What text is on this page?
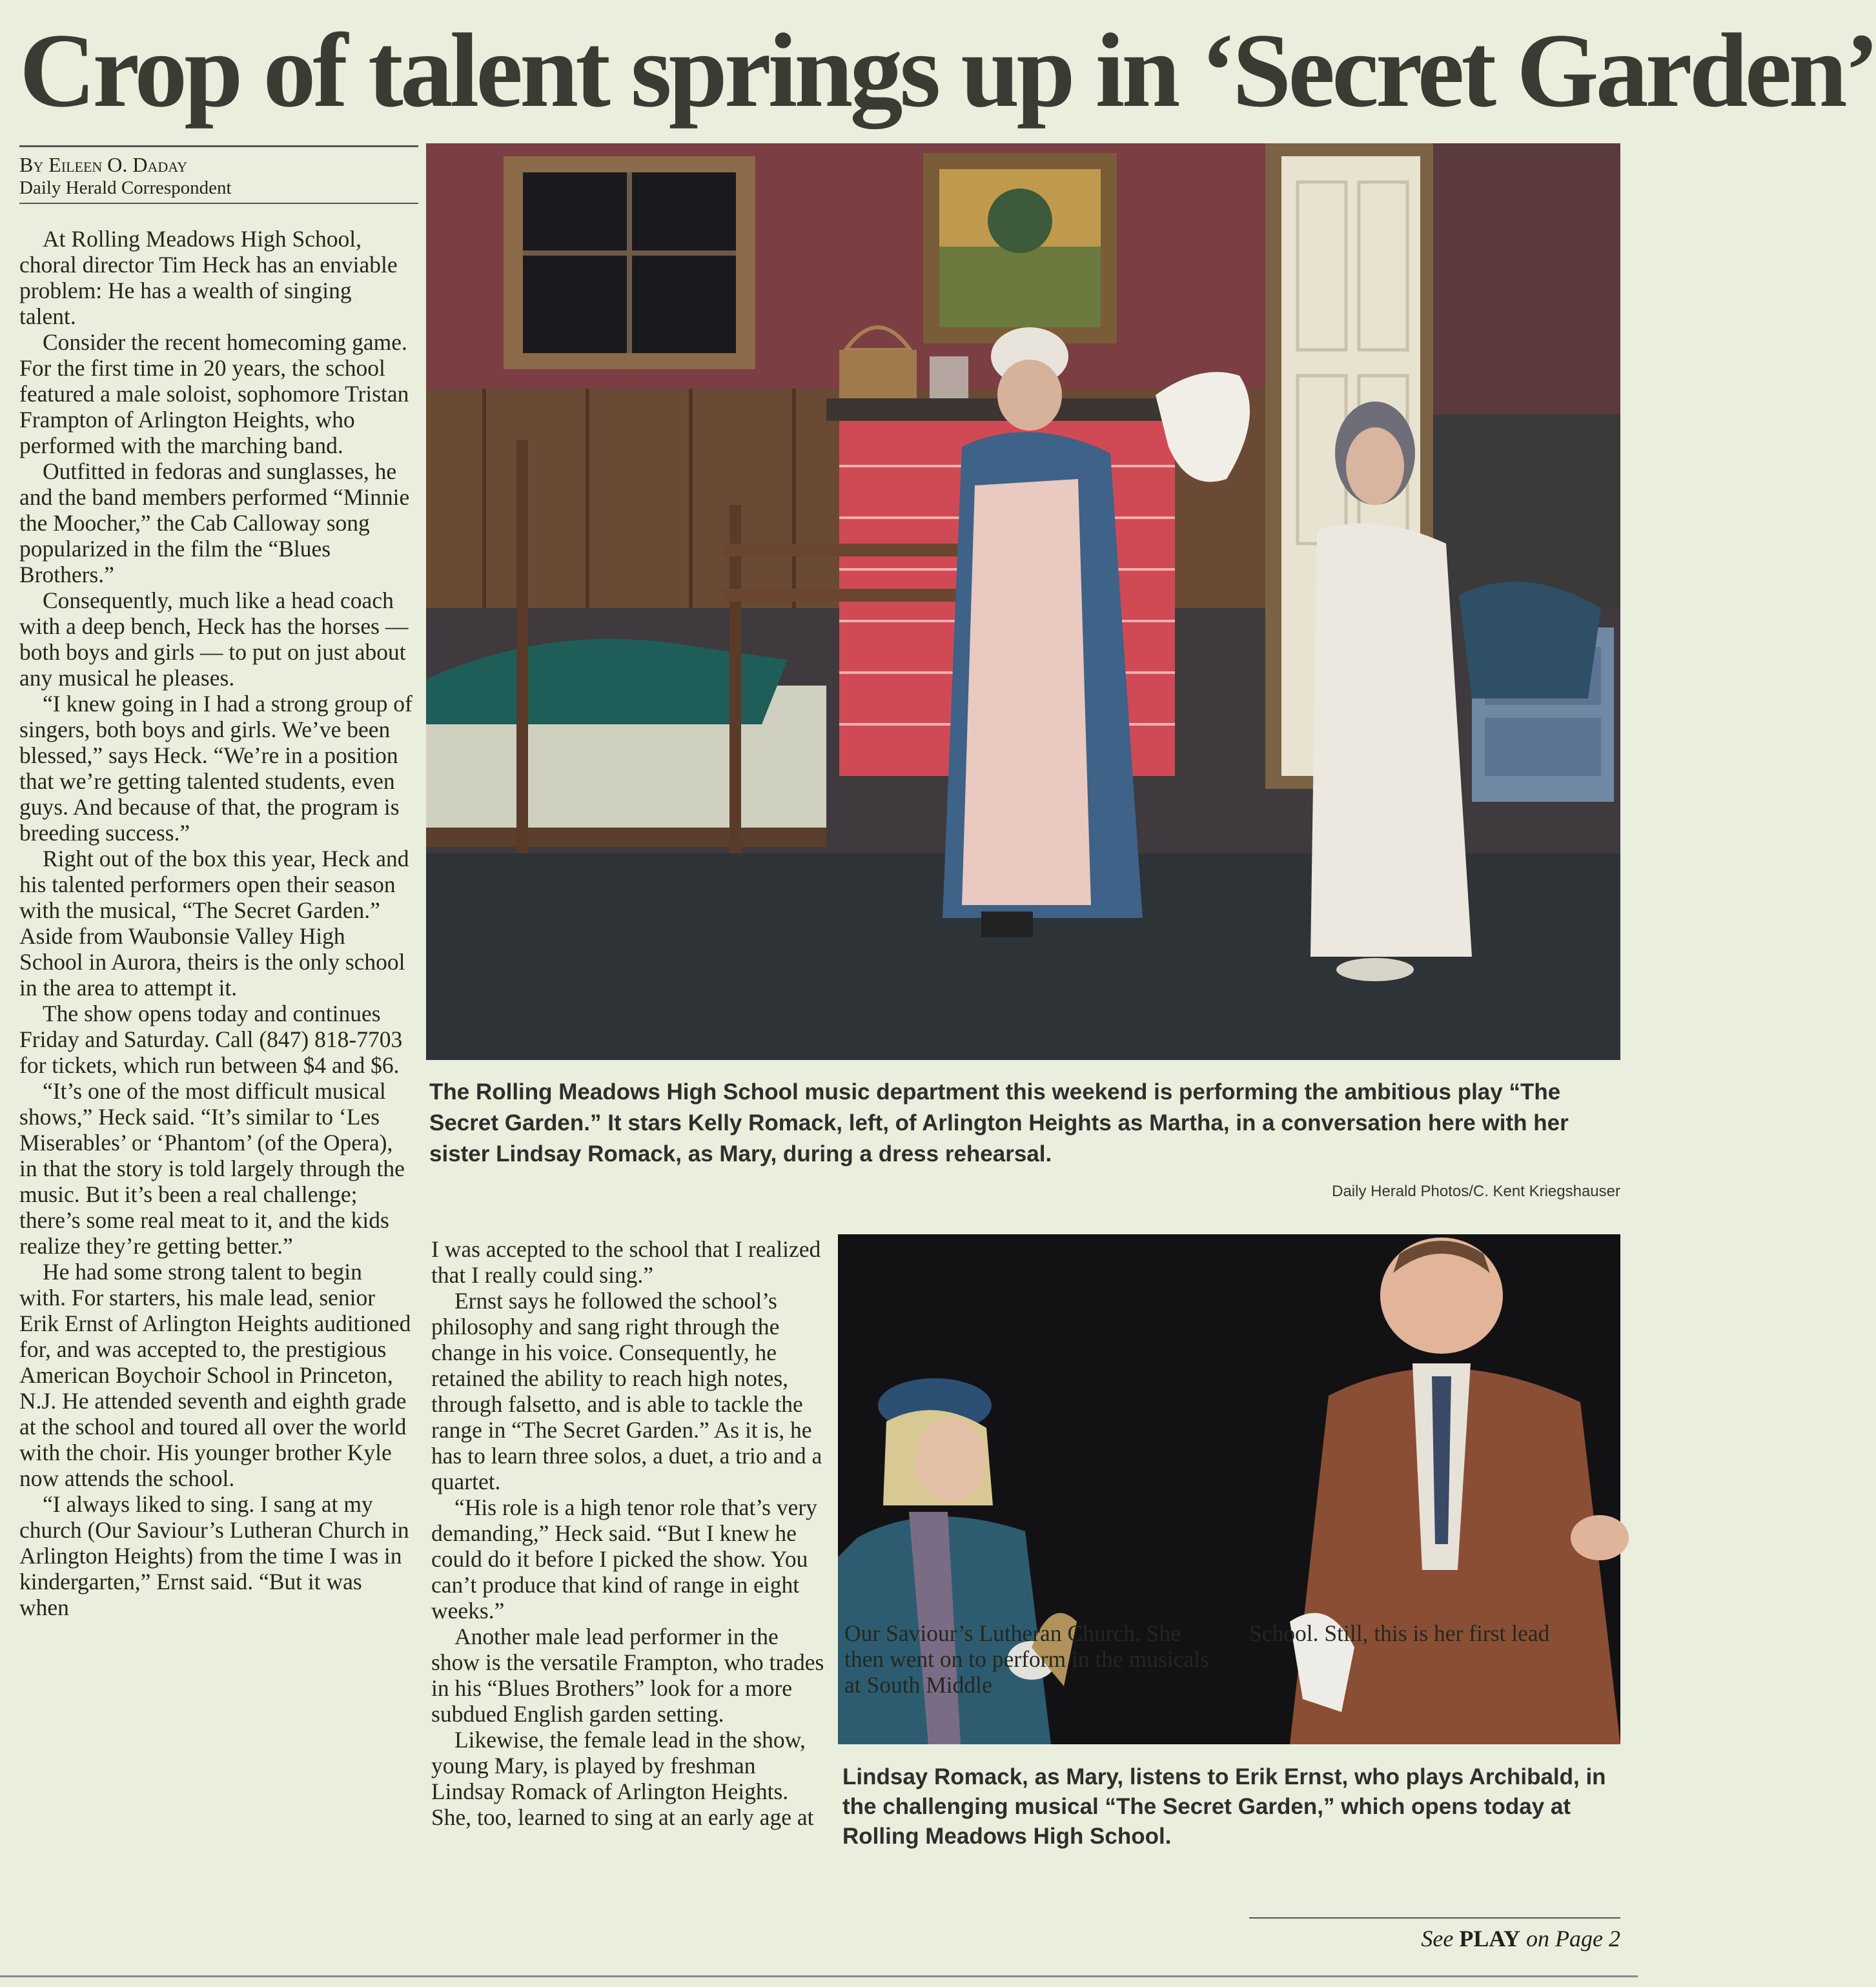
Crop of talent springs up in ‘Secret Garden’
By Eileen O. Daday
Daily Herald Correspondent

At Rolling Meadows High School, choral director Tim Heck has an enviable problem: He has a wealth of singing talent.

Consider the recent homecoming game. For the first time in 20 years, the school featured a male soloist, sophomore Tristan Frampton of Arlington Heights, who performed with the marching band.

Outfitted in fedoras and sunglasses, he and the band members performed “Minnie the Moocher,” the Cab Calloway song popularized in the film the “Blues Brothers.”

Consequently, much like a head coach with a deep bench, Heck has the horses — both boys and girls — to put on just about any musical he pleases.

“I knew going in I had a strong group of singers, both boys and girls. We’ve been blessed,” says Heck. “We’re in a position that we’re getting talented students, even guys. And because of that, the program is breeding success.”

Right out of the box this year, Heck and his talented performers open their season with the musical, “The Secret Garden.” Aside from Waubonsie Valley High School in Aurora, theirs is the only school in the area to attempt it.

The show opens today and continues Friday and Saturday. Call (847) 818-7703 for tickets, which run between $4 and $6.

“It’s one of the most difficult musical shows,” Heck said. “It’s similar to ‘Les Miserables’ or ‘Phantom’ (of the Opera), in that the story is told largely through the music. But it’s been a real challenge; there’s some real meat to it, and the kids realize they’re getting better.”

He had some strong talent to begin with. For starters, his male lead, senior Erik Ernst of Arlington Heights auditioned for, and was accepted to, the prestigious American Boychoir School in Princeton, N.J. He attended seventh and eighth grade at the school and toured all over the world with the choir. His younger brother Kyle now attends the school.

“I always liked to sing. I sang at my church (Our Saviour’s Lutheran Church in Arlington Heights) from the time I was in kindergarten,” Ernst said. “But it was when

The Rolling Meadows High School music department this weekend is performing the ambitious play “The Secret Garden.” It stars Kelly Romack, left, of Arlington Heights as Martha, in a conversation here with her sister Lindsay Romack, as Mary, during a dress rehearsal.
Daily Herald Photos/C. Kent Kriegshauser

I was accepted to the school that I realized that I really could sing.”

Ernst says he followed the school’s philosophy and sang right through the change in his voice. Consequently, he retained the ability to reach high notes, through falsetto, and is able to tackle the range in “The Secret Garden.” As it is, he has to learn three solos, a duet, a trio and a quartet.

“His role is a high tenor role that’s very demanding,” Heck said. “But I knew he could do it before I picked the show. You can’t produce that kind of range in eight weeks.”

Another male lead performer in the show is the versatile Frampton, who trades in his “Blues Brothers” look for a more subdued English garden setting.

Likewise, the female lead in the show, young Mary, is played by freshman Lindsay Romack of Arlington Heights. She, too, learned to sing at an early age at

Lindsay Romack, as Mary, listens to Erik Ernst, who plays Archibald, in the challenging musical “The Secret Garden,” which opens today at Rolling Meadows High School.

Our Saviour’s Lutheran Church. She then went on to perform in the musicals at South Middle

School. Still, this is her first lead

See PLAY on Page 2
